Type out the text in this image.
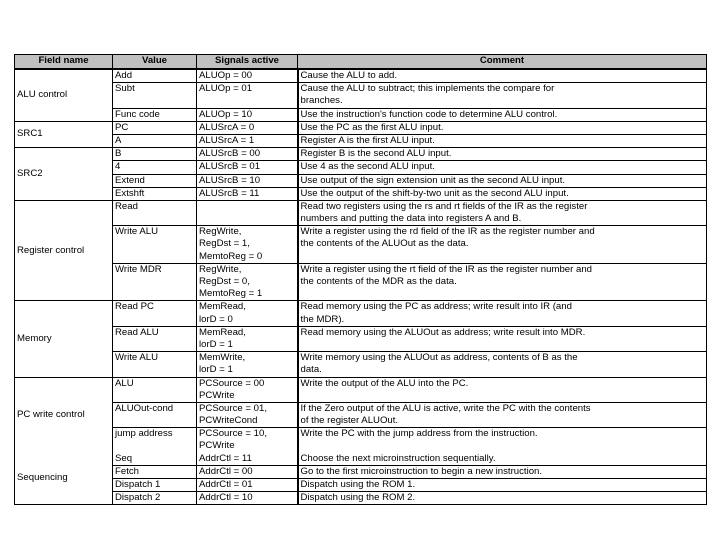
Field name	Value	Signals active	Comment
ALU control	Add	ALUOp = 00	Cause the ALU to add.

	Subt	ALUOp = 01	Cause the ALU to subtract; this implements the compare for
branches.

	Func code	ALUOp = 10	Use the instruction's function code to determine ALU control.

SRC1	PC	ALUSrcA = 0	Use the PC as the first ALU input.

	A	ALUSrcA = 1	Register A is the first ALU input.

SRC2	B	ALUSrcB = 00	Register B is the second ALU input.

	4	ALUSrcB = 01	Use 4 as the second ALU input.

	Extend	ALUSrcB = 10	Use output of the sign extension unit as the second ALU input.

	Extshft	ALUSrcB = 11	Use the output of the shift-by-two unit as the second ALU input.

Register control	Read		Read two registers using the rs and rt fields of the IR as the register
numbers and putting the data into registers A and B.

	Write ALU	RegWrite,
RegDst = 1,
MemtoReg = 0	Write a register using the rd field of the IR as the register number and
the contents of the ALUOut as the data.

	Write MDR	RegWrite,
RegDst = 0,
MemtoReg = 1	Write a register using the rt field of the IR as the register number and
the contents of the MDR as the data.

Memory	Read PC	MemRead,
lorD = 0	Read memory using the PC as address; write result into IR (and
the MDR).

	Read ALU	MemRead,
lorD = 1	Read memory using the ALUOut as address; write result into MDR.

	Write ALU	MemWrite,
lorD = 1	Write memory using the ALUOut as address, contents of B as the
data.

PC write control	ALU	PCSource = 00
PCWrite	Write the output of the ALU into the PC.

	ALUOut-cond	PCSource = 01,
PCWriteCond	If the Zero output of the ALU is active, write the PC with the contents
of the register ALUOut.

	jump address	PCSource = 10,
PCWrite	Write the PC with the jump address from the instruction.

Sequencing	Seq	AddrCtl = 11	Choose the next microinstruction sequentially.

	Fetch	AddrCtl = 00	Go to the first microinstruction to begin a new instruction.

	Dispatch 1	AddrCtl = 01	Dispatch using the ROM 1.

	Dispatch 2	AddrCtl = 10	Dispatch using the ROM 2.
